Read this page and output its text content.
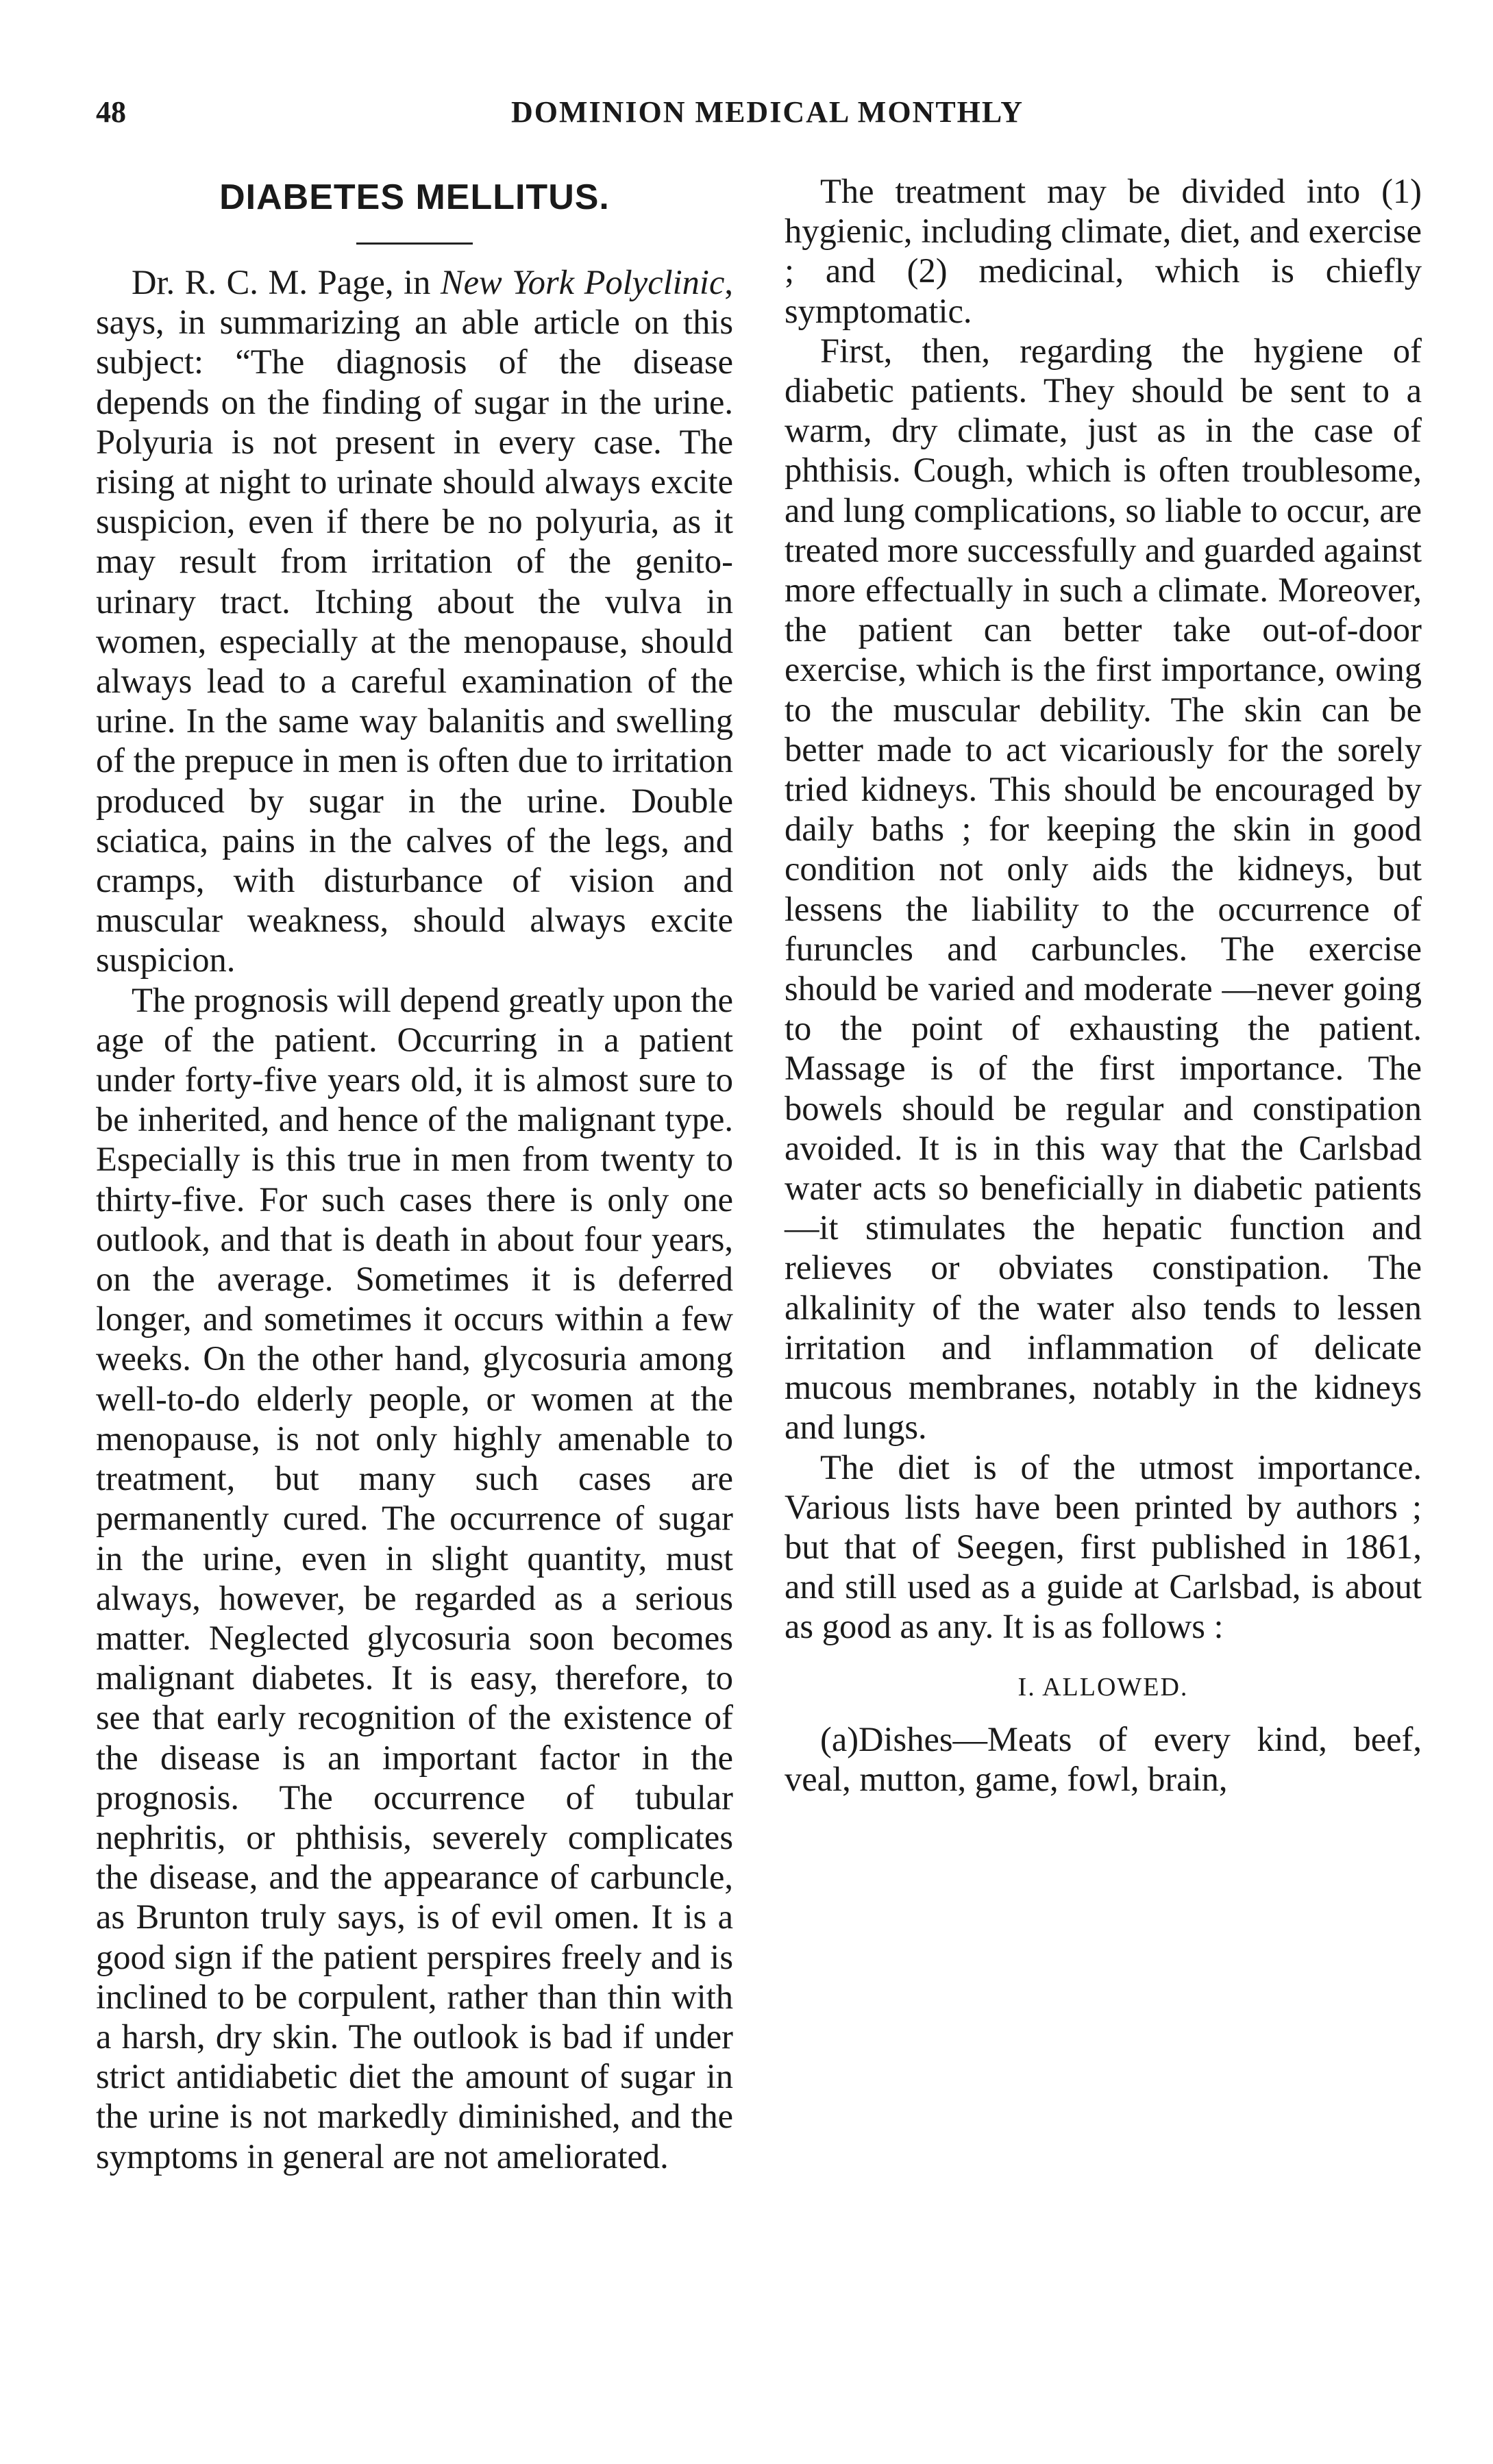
48	DOMINION MEDICAL MONTHLY
DIABETES MELLITUS.

Dr. R. C. M. Page, in New York Polyclinic, says, in summarizing an able article on this subject: “The diagnosis of the disease depends on the finding of sugar in the urine. Polyuria is not present in every case. The rising at night to urinate should always excite suspicion, even if there be no polyuria, as it may result from irritation of the genito-urinary tract. Itching about the vulva in women, especially at the menopause, should always lead to a careful examination of the urine. In the same way balanitis and swelling of the prepuce in men is often due to irritation produced by sugar in the urine. Double sciatica, pains in the calves of the legs, and cramps, with disturbance of vision and muscular weakness, should always excite suspicion.

The prognosis will depend greatly upon the age of the patient. Occurring in a patient under forty-five years old, it is almost sure to be inherited, and hence of the malignant type. Especially is this true in men from twenty to thirty-five. For such cases there is only one outlook, and that is death in about four years, on the average. Sometimes it is deferred longer, and sometimes it occurs within a few weeks. On the other hand, glycosuria among well-to-do elderly people, or women at the menopause, is not only highly amenable to treatment, but many such cases are permanently cured. The occurrence of sugar in the urine, even in slight quantity, must always, however, be regarded as a serious matter. Neglected glycosuria soon becomes malignant diabetes. It is easy, therefore, to see that early recognition of the existence of the disease is an important factor in the prognosis. The occurrence of tubular nephritis, or phthisis, severely complicates the disease, and the appearance of carbuncle, as Brunton truly says, is of evil omen. It is a good sign if the patient perspires freely and is inclined to be corpulent, rather than thin with a harsh, dry skin. The outlook is bad if under strict antidiabetic diet the amount of sugar in the urine is not markedly diminished, and the symptoms in general are not ameliorated.

The treatment may be divided into (1) hygienic, including climate, diet, and exercise ; and (2) medicinal, which is chiefly symptomatic.

First, then, regarding the hygiene of diabetic patients. They should be sent to a warm, dry climate, just as in the case of phthisis. Cough, which is often troublesome, and lung complications, so liable to occur, are treated more successfully and guarded against more effectually in such a climate. Moreover, the patient can better take out-of-door exercise, which is the first importance, owing to the muscular debility. The skin can be better made to act vicariously for the sorely tried kidneys. This should be encouraged by daily baths ; for keeping the skin in good condition not only aids the kidneys, but lessens the liability to the occurrence of furuncles and carbuncles. The exercise should be varied and moderate —never going to the point of exhausting the patient. Massage is of the first importance. The bowels should be regular and constipation avoided. It is in this way that the Carlsbad water acts so beneficially in diabetic patients—it stimulates the hepatic function and relieves or obviates constipation. The alkalinity of the water also tends to lessen irritation and inflammation of delicate mucous membranes, notably in the kidneys and lungs.

The diet is of the utmost importance. Various lists have been printed by authors ; but that of Seegen, first published in 1861, and still used as a guide at Carlsbad, is about as good as any. It is as follows :

I. ALLOWED.

(a)Dishes—Meats of every kind, beef, veal, mutton, game, fowl, brain,
